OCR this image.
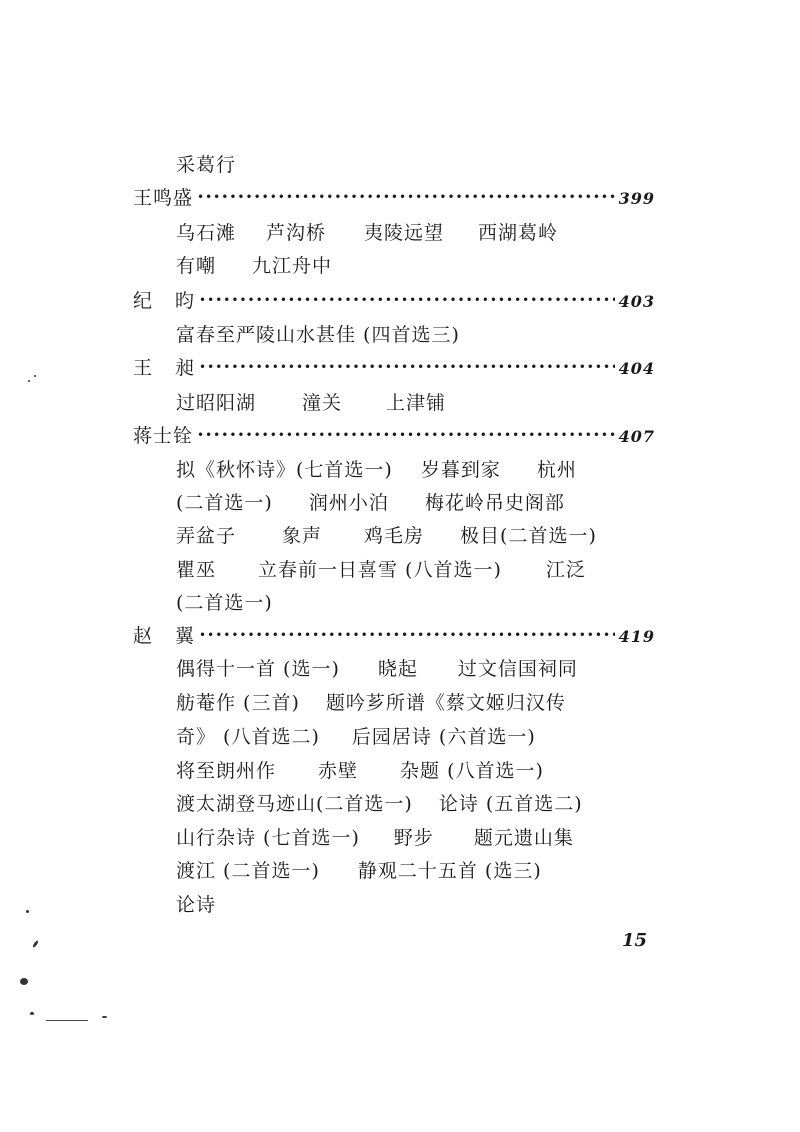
采葛行
王鸣盛 •••••	399
乌石滩 芦沟桥 夷陵远望 西湖葛岭
有嘲 九江舟中
纪 昀 •••••	403
富春至严陵山水甚佳 (四首选三)
王 昶 •••••	404
过昭阳湖 潼关 上津铺
蒋士铨 •••••	407
拟《秋怀诗》(七首选一) 岁暮到家 杭州
(二首选一) 润州小泊 梅花岭吊史阁部
弄盆子 象声 鸡毛房 极目(二首选一)
瞿巫 立春前一日喜雪 (八首选一) 江泛
(二首选一)
赵 翼 •••••	419
偶得十一首 (选一) 晓起 过文信国祠同
舫菴作 (三首) 题吟芗所谱《蔡文姬归汉传
奇》 (八首选二) 后园居诗 (六首选一)
将至朗州作 赤壁 杂题 (八首选一)
渡太湖登马迹山(二首选一) 论诗 (五首选二)
山行杂诗 (七首选一) 野步 题元遗山集
渡江 (二首选一) 静观二十五首 (选三)
论诗
15
